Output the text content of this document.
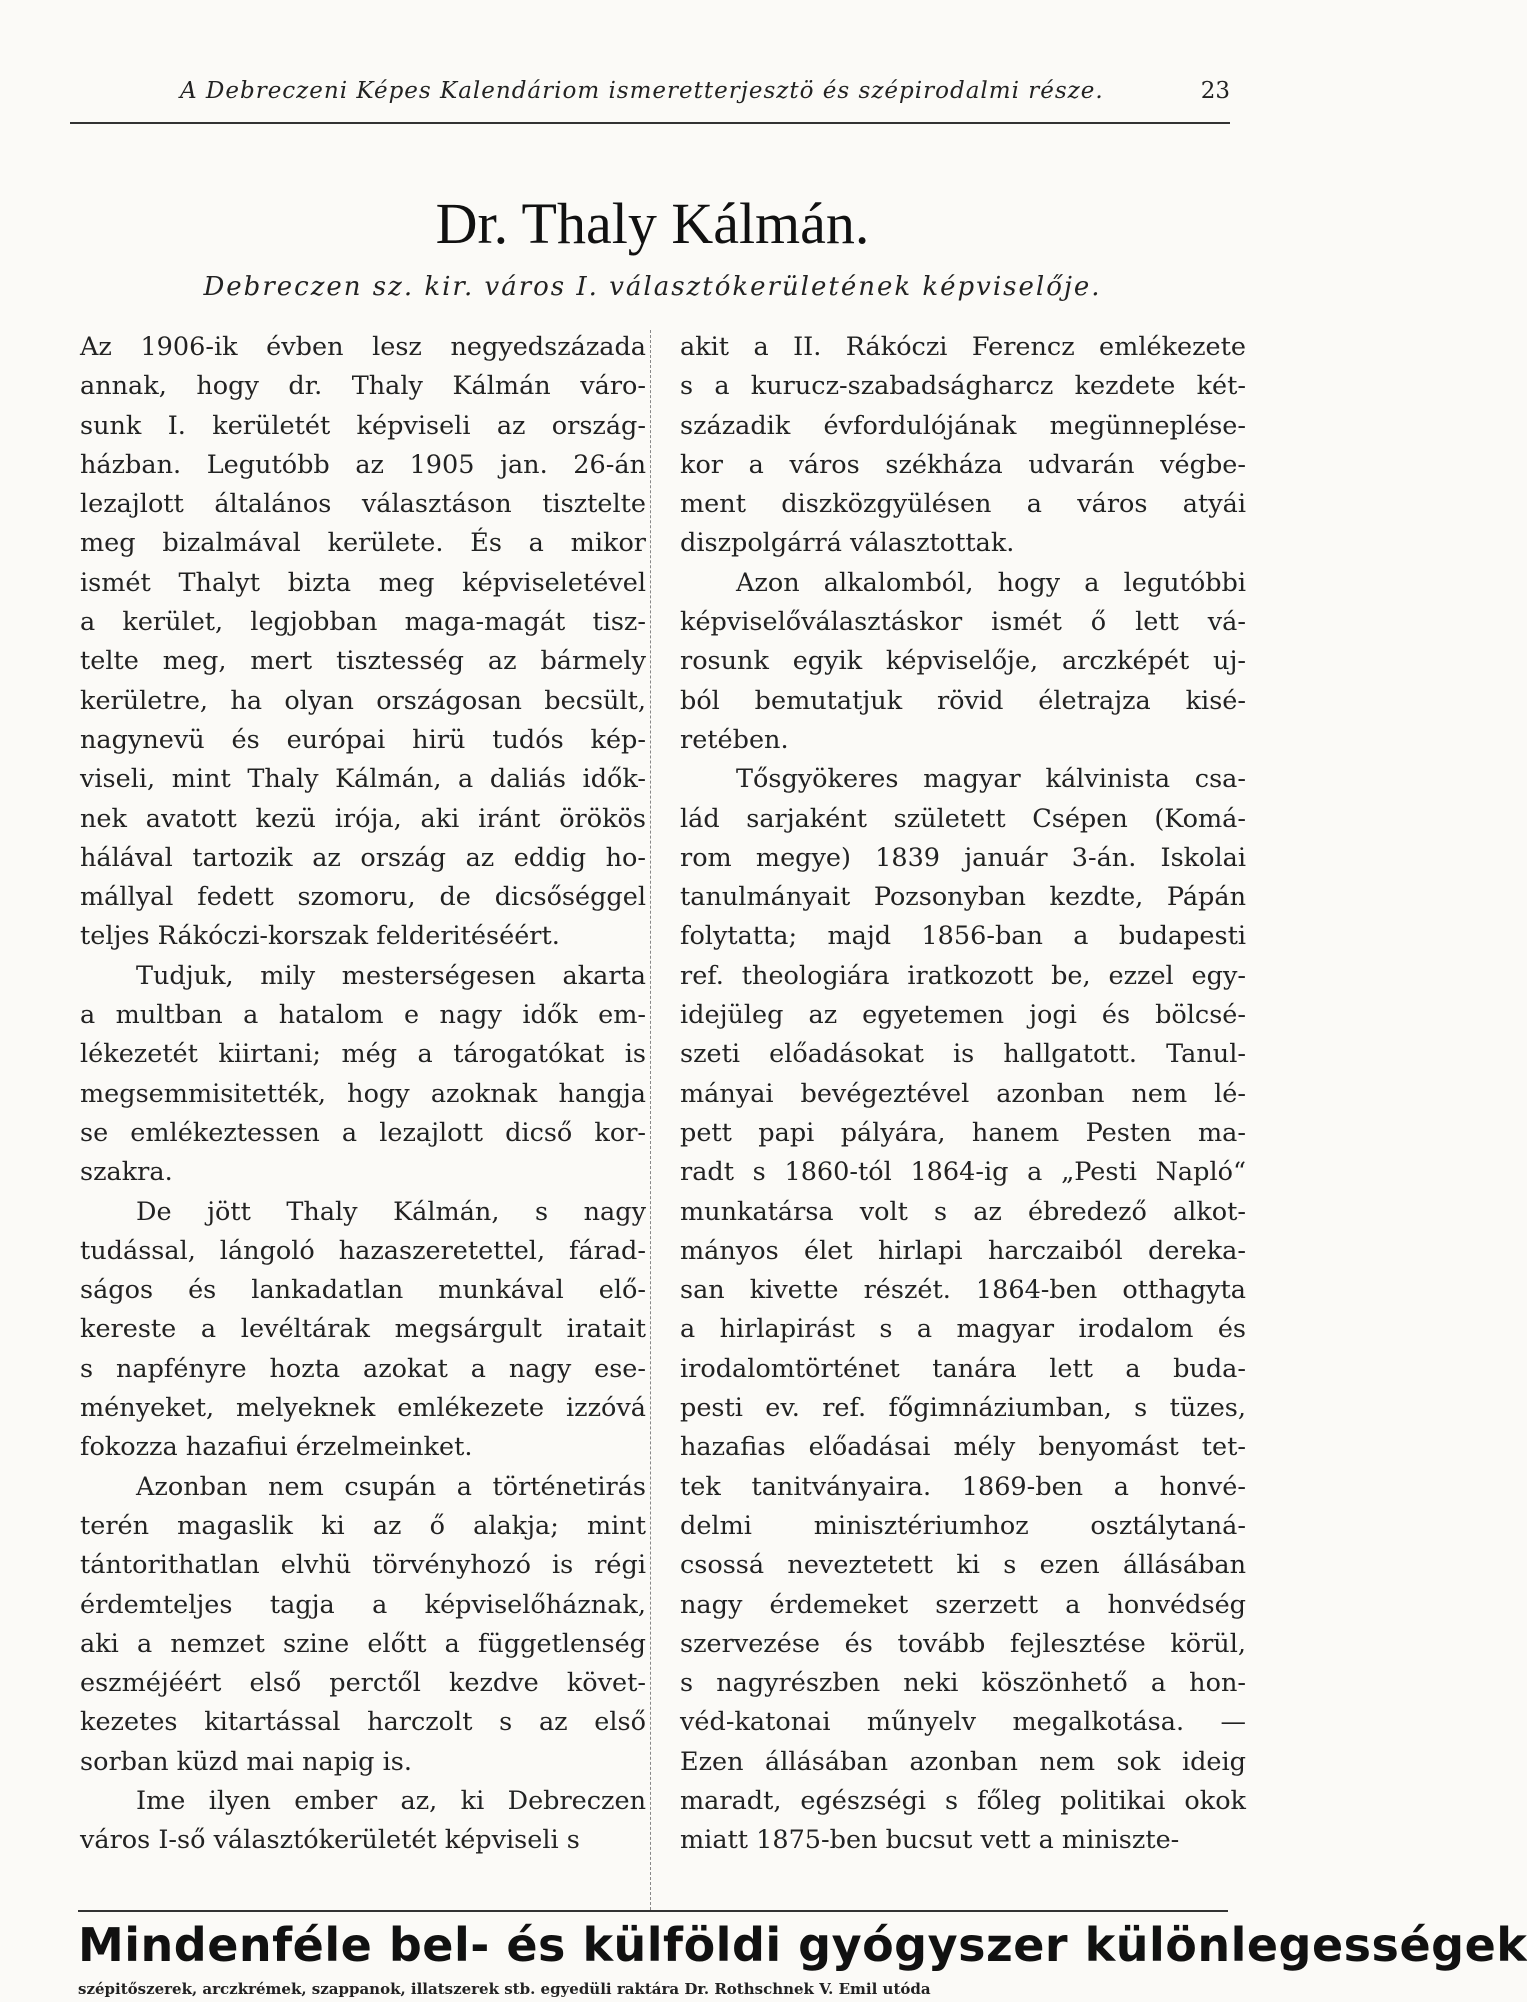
A Debreczeni Képes Kalendáriom ismeretterjesztö és szépirodalmi része.	23
Dr. Thaly Kálmán.
Debreczen sz. kir. város I. választókerületének képviselője.
Az 1906-ik évben lesz negyedszázada
annak, hogy dr. Thaly Kálmán váro-
sunk I. kerületét képviseli az ország-
házban. Legutóbb az 1905 jan. 26-án
lezajlott általános választáson tisztelte
meg bizalmával kerülete. És a mikor
ismét Thalyt bizta meg képviseletével
a kerület, legjobban maga-magát tisz-
telte meg, mert tisztesség az bármely
kerületre, ha olyan országosan becsült,
nagynevü és európai hirü tudós kép-
viseli, mint Thaly Kálmán, a daliás idők-
nek avatott kezü irója, aki iránt örökös
hálával tartozik az ország az eddig ho-
mállyal fedett szomoru, de dicsőséggel
teljes Rákóczi-korszak felderitéséért.
Tudjuk, mily mesterségesen akarta
a multban a hatalom e nagy idők em-
lékezetét kiirtani; még a tárogatókat is
megsemmisitették, hogy azoknak hangja
se emlékeztessen a lezajlott dicső kor-
szakra.
De jött Thaly Kálmán, s nagy
tudással, lángoló hazaszeretettel, fárad-
ságos és lankadatlan munkával elő-
kereste a levéltárak megsárgult iratait
s napfényre hozta azokat a nagy ese-
ményeket, melyeknek emlékezete izzóvá
fokozza hazafiui érzelmeinket.
Azonban nem csupán a történetirás
terén magaslik ki az ő alakja; mint
tántorithatlan elvhü törvényhozó is régi
érdemteljes tagja a képviselőháznak,
aki a nemzet szine előtt a függetlenség
eszméjéért első perctől kezdve követ-
kezetes kitartással harczolt s az első
sorban küzd mai napig is.
Ime ilyen ember az, ki Debreczen
város I-ső választókerületét képviseli s
akit a II. Rákóczi Ferencz emlékezete
s a kurucz-szabadságharcz kezdete két-
századik évfordulójának megünneplése-
kor a város székháza udvarán végbe-
ment diszközgyülésen a város atyái
diszpolgárrá választottak.
Azon alkalomból, hogy a legutóbbi
képviselőválasztáskor ismét ő lett vá-
rosunk egyik képviselője, arczképét uj-
ból bemutatjuk rövid életrajza kisé-
retében.
Tősgyökeres magyar kálvinista csa-
lád sarjaként született Csépen (Komá-
rom megye) 1839 január 3-án. Iskolai
tanulmányait Pozsonyban kezdte, Pápán
folytatta; majd 1856-ban a budapesti
ref. theologiára iratkozott be, ezzel egy-
idejüleg az egyetemen jogi és bölcsé-
szeti előadásokat is hallgatott. Tanul-
mányai bevégeztével azonban nem lé-
pett papi pályára, hanem Pesten ma-
radt s 1860-tól 1864-ig a „Pesti Napló“
munkatársa volt s az ébredező alkot-
mányos élet hirlapi harczaiból dereka-
san kivette részét. 1864-ben otthagyta
a hirlapirást s a magyar irodalom és
irodalomtörténet tanára lett a buda-
pesti ev. ref. főgimnáziumban, s tüzes,
hazafias előadásai mély benyomást tet-
tek tanitványaira. 1869-ben a honvé-
delmi minisztériumhoz osztálytaná-
csossá neveztetett ki s ezen állásában
nagy érdemeket szerzett a honvédség
szervezése és tovább fejlesztése körül,
s nagyrészben neki köszönhető a hon-
véd-katonai műnyelv megalkotása. —
Ezen állásában azonban nem sok ideig
maradt, egészségi s főleg politikai okok
miatt 1875-ben bucsut vett a miniszte-
Mindenféle bel- és külföldi gyógyszer különlegességek
szépitőszerek, arczkrémek, szappanok, illatszerek stb. egyedüli raktára Dr. Rothschnek V. Emil utóda
